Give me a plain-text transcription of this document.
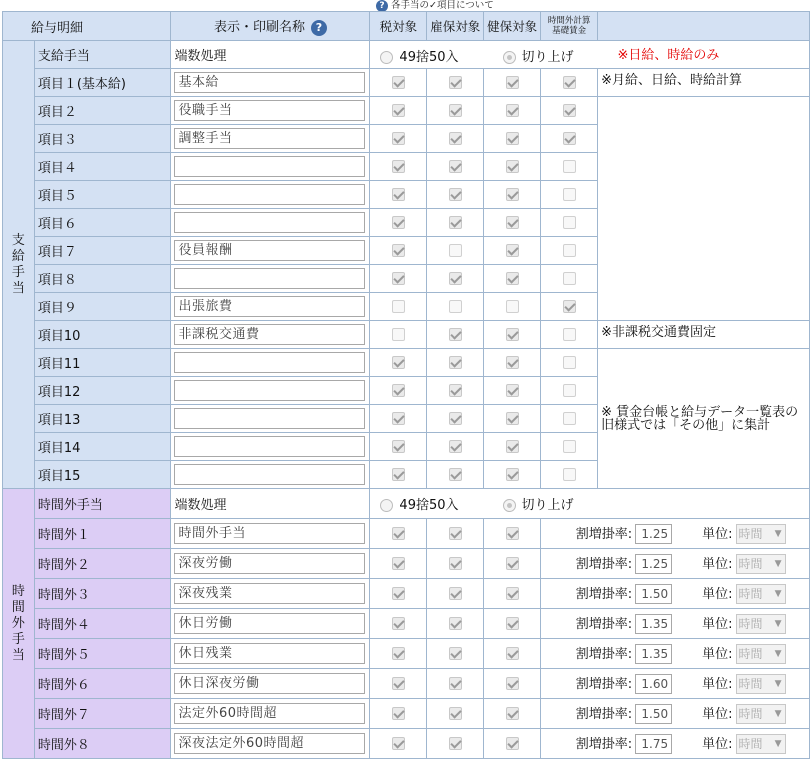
? 各手当の✓項目について
給与明細		表示・印刷名称 ?	税対象	雇保対象	健保対象	時間外計算
基礎賃金	
支
給
手
当	支給手当	端数処理	49捨50入 切り上げ ※日給、時給のみ				
	項目１(基本給)	基本給					※月給、日給、時給計算
	項目２	役職手当					

	項目３	調整手当					

	項目４		

	項目５		

	項目６		

	項目７	役員報酬					

	項目８		

	項目９	出張旅費					

	項目10	非課税交通費					※非課税交通費固定
	項目11						※ 賃金台帳と給与データ一覧表の旧様式では「その他」に集計
	項目12		

	項目13		

	項目14		

	項目15		

時
間
外
手
当	時間外手当	端数処理	49捨50入 切り上げ				
	時間外１	時間外手当				割増掛率: 1.25 単位: 時間 ▼	

	時間外２	深夜労働				割増掛率: 1.25 単位: 時間 ▼	

	時間外３	深夜残業				割増掛率: 1.50 単位: 時間 ▼	

	時間外４	休日労働				割増掛率: 1.35 単位: 時間 ▼	

	時間外５	休日残業				割増掛率: 1.35 単位: 時間 ▼	

	時間外６	休日深夜労働				割増掛率: 1.60 単位: 時間 ▼	

	時間外７	法定外60時間超				割増掛率: 1.50 単位: 時間 ▼	

	時間外８	深夜法定外60時間超				割増掛率: 1.75 単位: 時間 ▼	
